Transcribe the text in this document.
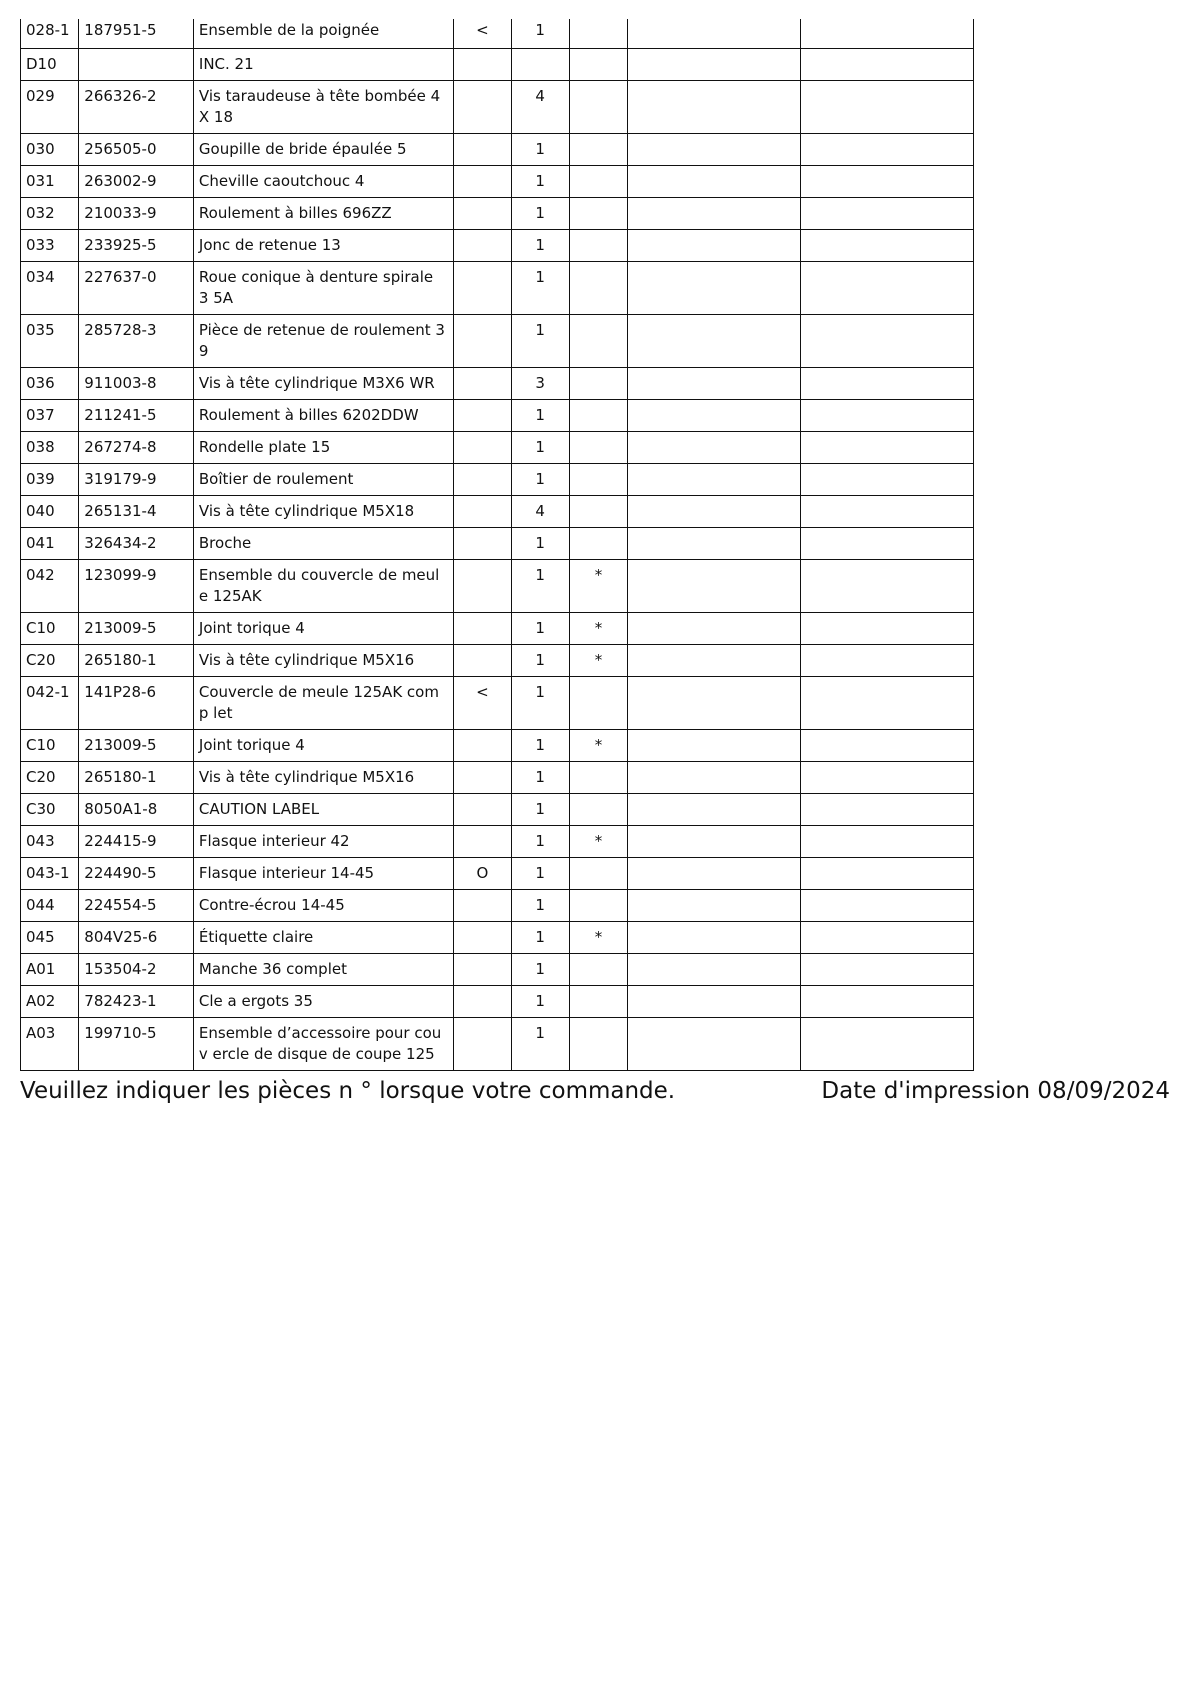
028-1	187951-5	Ensemble de la poignée	<	1			
D10		INC. 21					
029	266326-2	Vis taraudeuse à tête bombée 4X 18		4			
030	256505-0	Goupille de bride épaulée 5		1			
031	263002-9	Cheville caoutchouc 4		1			
032	210033-9	Roulement à billes 696ZZ		1			
033	233925-5	Jonc de retenue 13		1			
034	227637-0	Roue conique à denture spirale 3 5A		1			
035	285728-3	Pièce de retenue de roulement 3 9		1			
036	911003-8	Vis à tête cylindrique M3X6 WR		3			
037	211241-5	Roulement à billes 6202DDW		1			
038	267274-8	Rondelle plate 15		1			
039	319179-9	Boîtier de roulement		1			
040	265131-4	Vis à tête cylindrique M5X18		4			
041	326434-2	Broche		1			
042	123099-9	Ensemble du couvercle de meule 125AK		1	*		
C10	213009-5	Joint torique 4		1	*		
C20	265180-1	Vis à tête cylindrique M5X16		1	*		
042-1	141P28-6	Couvercle de meule 125AK comp let	<	1			
C10	213009-5	Joint torique 4		1	*		
C20	265180-1	Vis à tête cylindrique M5X16		1			
C30	8050A1-8	CAUTION LABEL		1			
043	224415-9	Flasque interieur 42		1	*		
043-1	224490-5	Flasque interieur 14-45	O	1			
044	224554-5	Contre-écrou 14-45		1			
045	804V25-6	Étiquette claire		1	*		
A01	153504-2	Manche 36 complet		1			
A02	782423-1	Cle a ergots 35		1			
A03	199710-5	Ensemble d’accessoire pour couv ercle de disque de coupe 125		1			
Veuillez indiquer les pièces n ° lorsque votre commande.	Date d'impression 08/09/2024
